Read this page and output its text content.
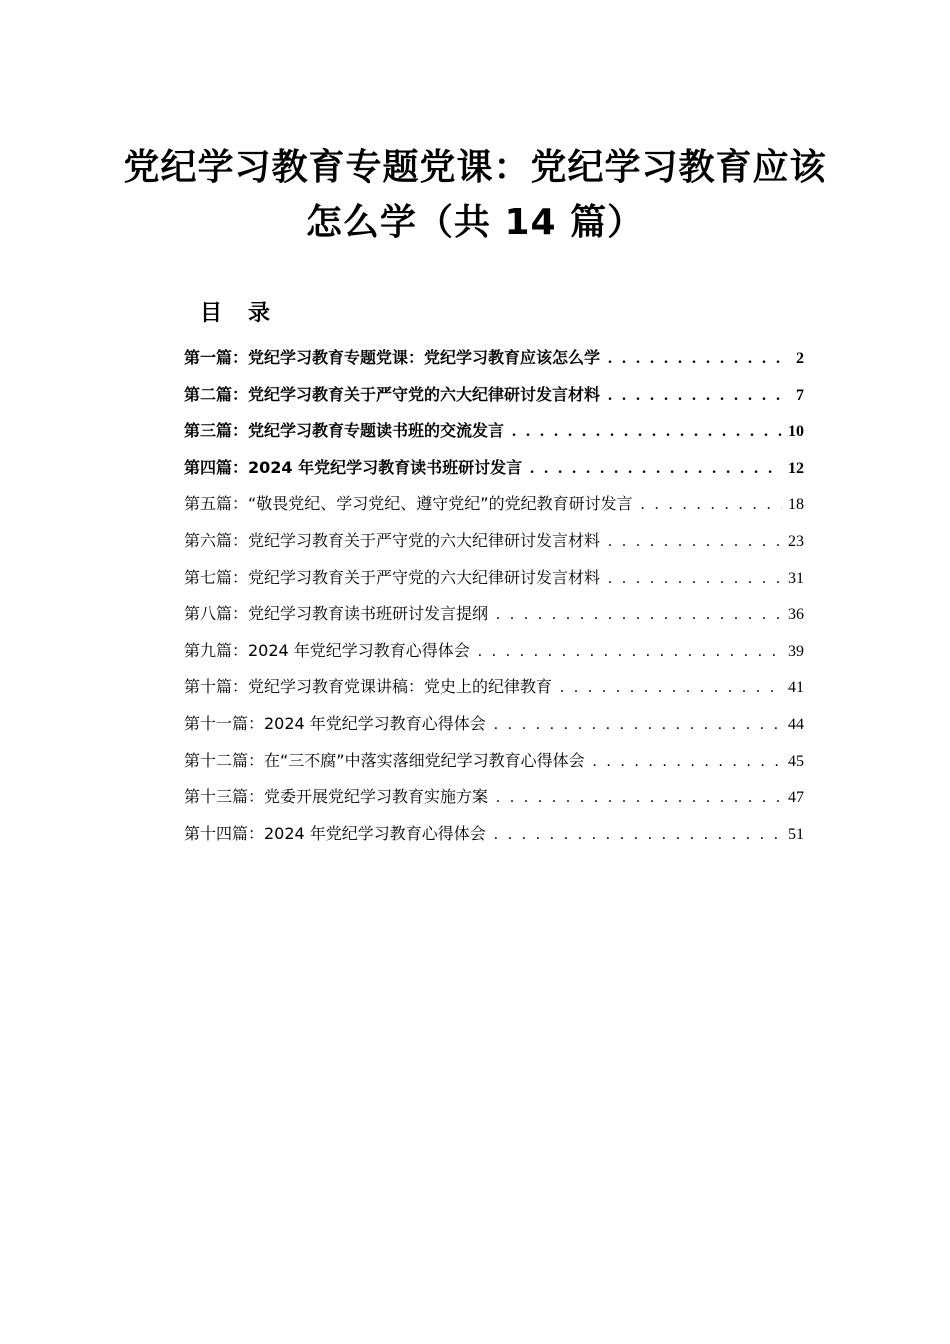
党纪学习教育专题党课：党纪学习教育应该
怎么学（共 14 篇）
目录
第一篇：党纪学习教育专题党课：党纪学习教育应该怎么学 . . .	2
第二篇：党纪学习教育关于严守党的六大纪律研讨发言材料 . . .	7
第三篇：党纪学习教育专题读书班的交流发言 . . .	10
第四篇：2024 年党纪学习教育读书班研讨发言 . . .	12
第五篇：“敬畏党纪、学习党纪、遵守党纪”的党纪教育研讨发言 . . .	18
第六篇：党纪学习教育关于严守党的六大纪律研讨发言材料 . . .	23
第七篇：党纪学习教育关于严守党的六大纪律研讨发言材料 . . .	31
第八篇：党纪学习教育读书班研讨发言提纲 . . .	36
第九篇：2024 年党纪学习教育心得体会 . . .	39
第十篇：党纪学习教育党课讲稿：党史上的纪律教育 . . .	41
第十一篇：2024 年党纪学习教育心得体会 . . .	44
第十二篇：在“三不腐”中落实落细党纪学习教育心得体会 . . .	45
第十三篇：党委开展党纪学习教育实施方案 . . .	47
第十四篇：2024 年党纪学习教育心得体会 . . .	51
